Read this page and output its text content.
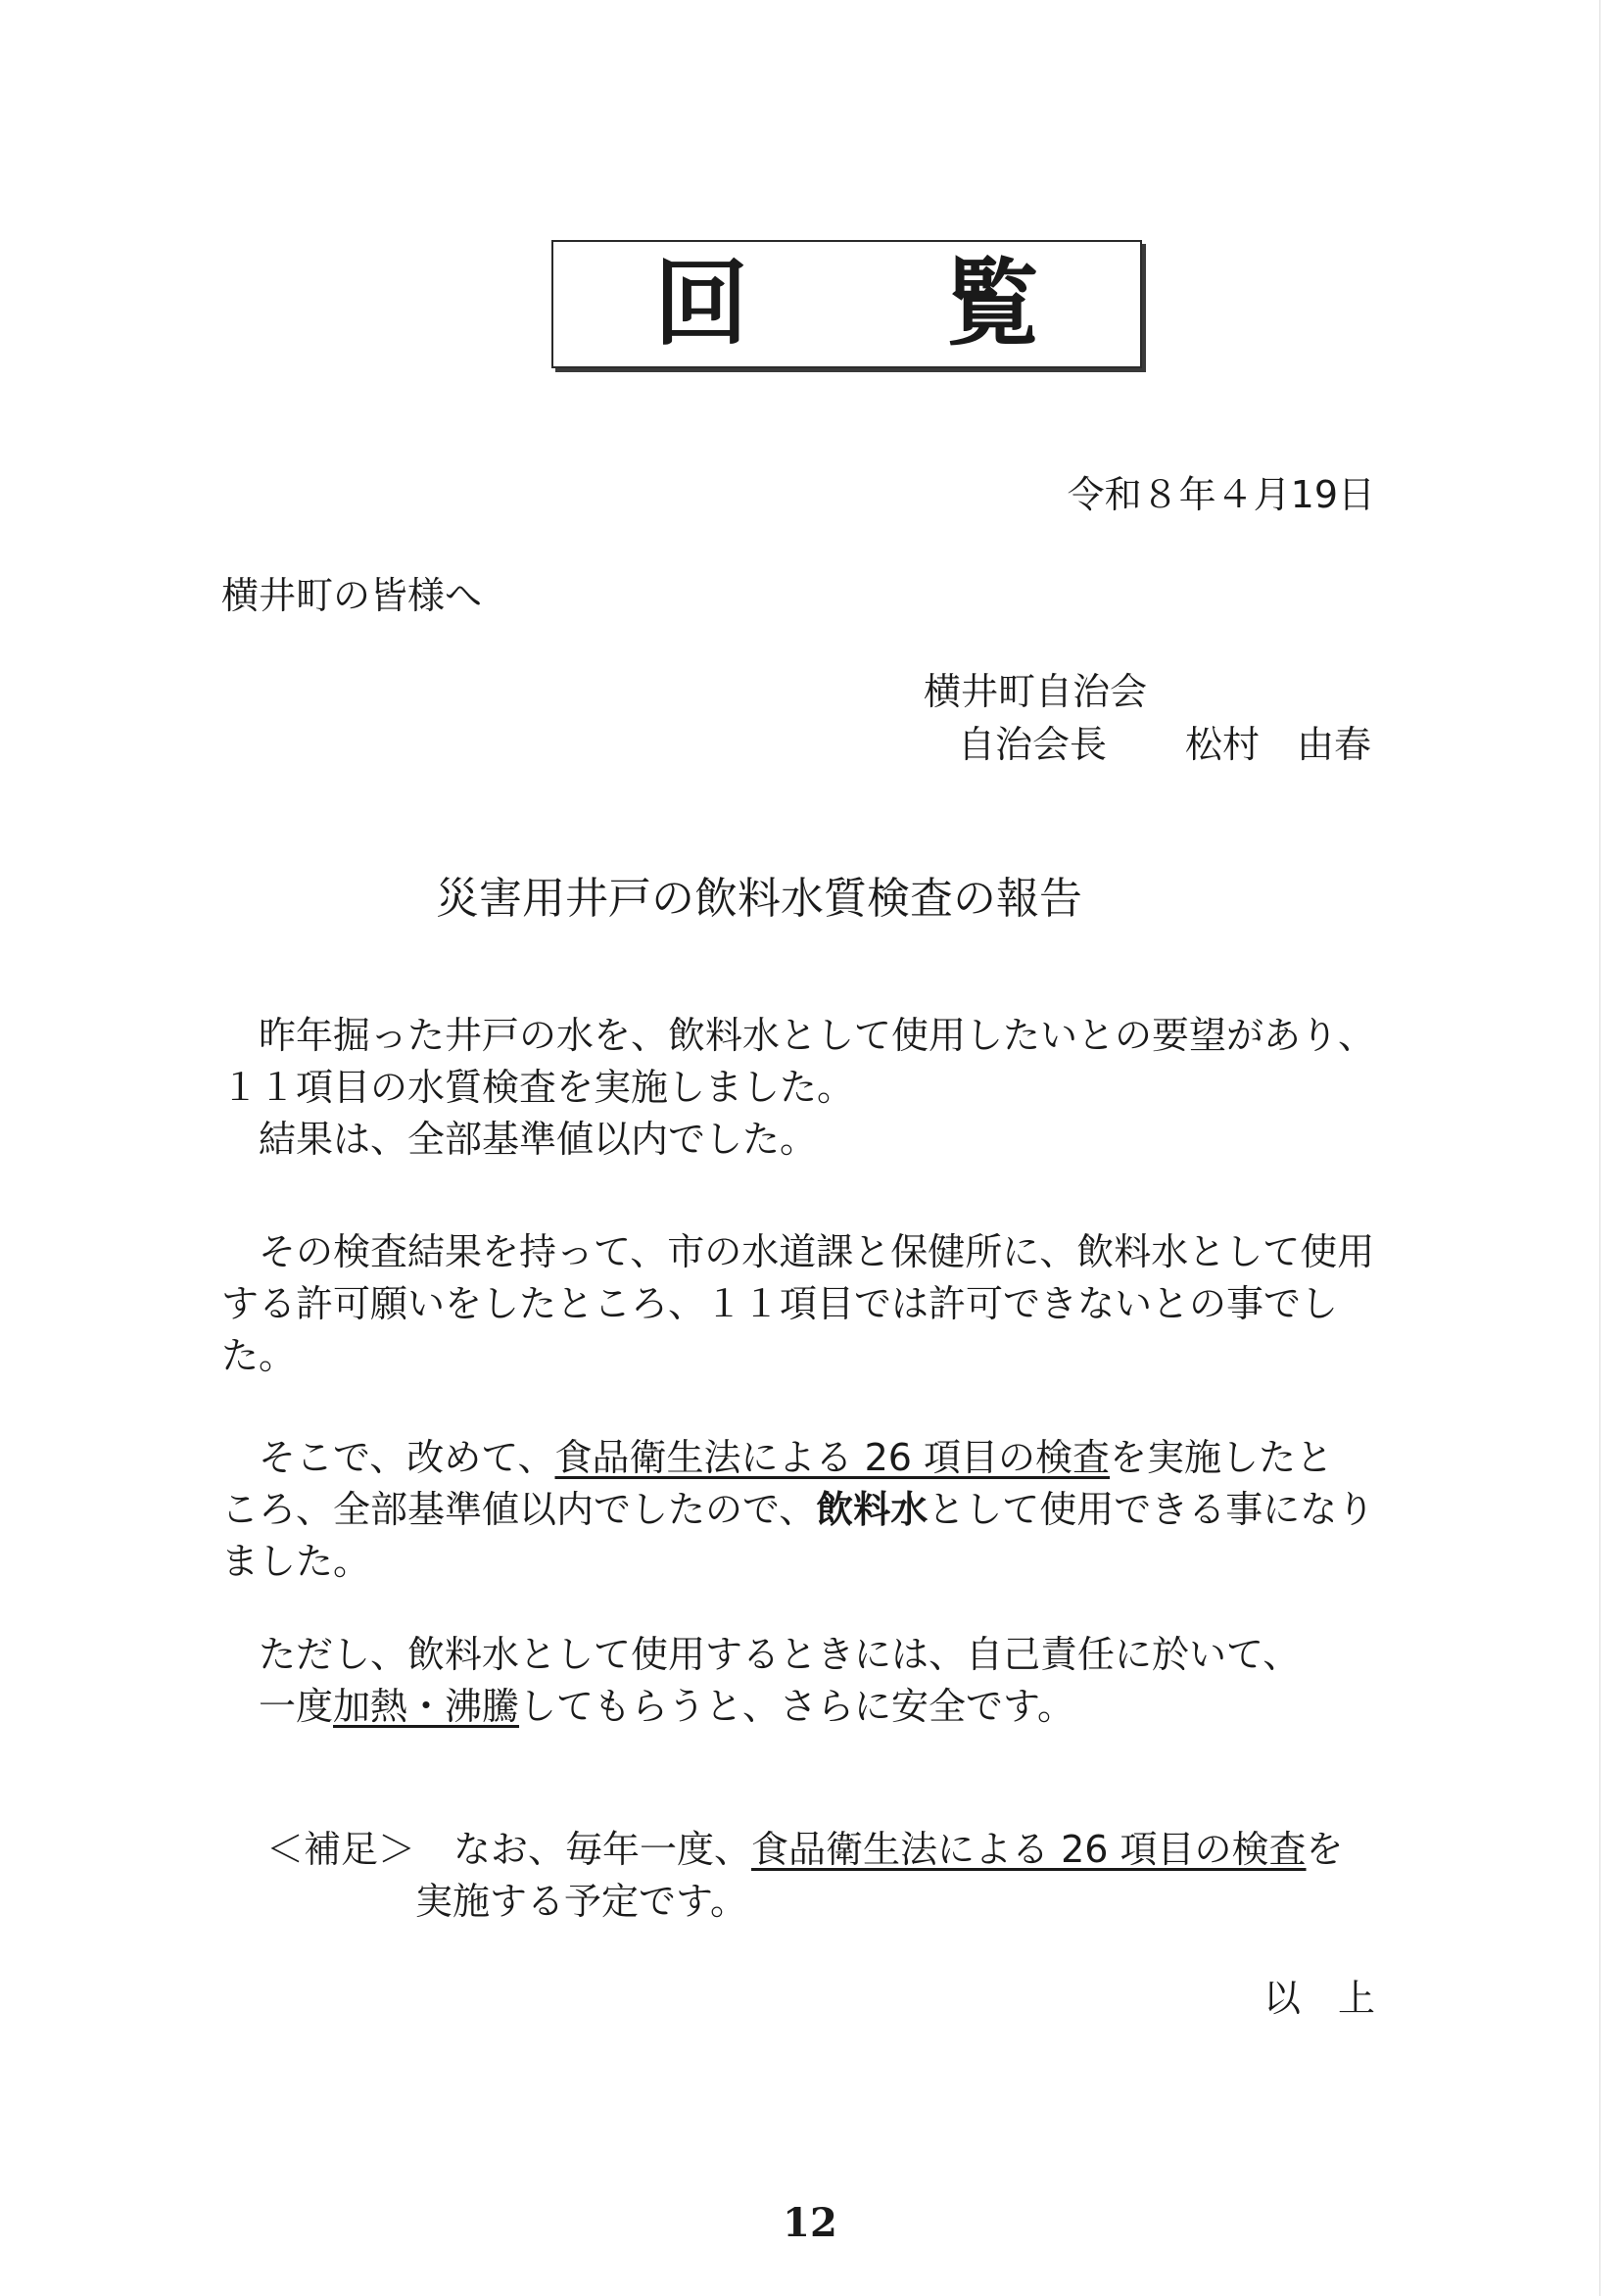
回 覧
令和８年４月19日
横井町の皆様へ
横井町自治会
自治会長 松村　由春
災害用井戸の飲料水質検査の報告
昨年掘った井戸の水を、飲料水として使用したいとの要望があり、
１１項目の水質検査を実施しました。
結果は、全部基準値以内でした。
その検査結果を持って、市の水道課と保健所に、飲料水として使用
する許可願いをしたところ、１１項目では許可できないとの事でし
た。
そこで、改めて、食品衛生法による 26 項目の検査を実施したと
ころ、全部基準値以内でしたので、飲料水として使用できる事になり
ました。
ただし、飲料水として使用するときには、自己責任に於いて、
一度加熱・沸騰してもらうと、さらに安全です。
＜補足＞ なお、毎年一度、食品衛生法による 26 項目の検査を
実施する予定です。
以　上
12
